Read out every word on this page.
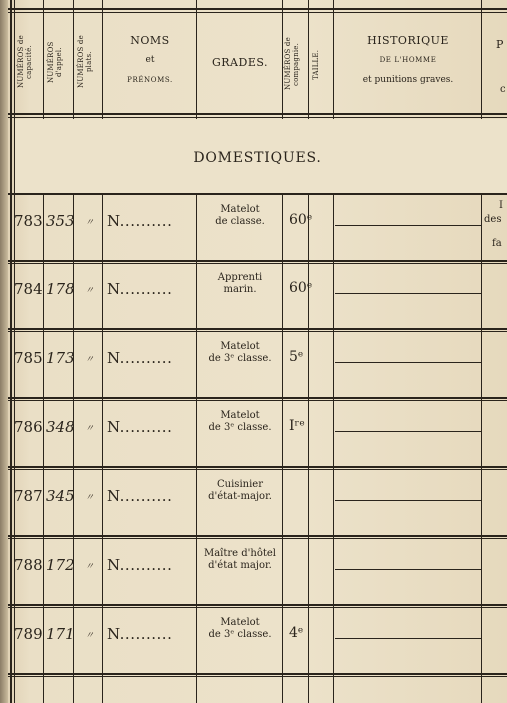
NUMÉROS de capacité.	NUMÉROS d'appel.	NUMÉROS de plats.
NOMS
et
PRÉNOMS.
GRADES.	NUMÉROS de compagnie.	TAILLE.
HISTORIQUE
DE L'HOMME
et punitions graves.
P
c
DOMESTIQUES.
783 353 〃 N..........
Matelot
de classe.	60ᵉ
I
des
fa
784 178 〃 N..........
Apprenti
marin.	60ᵉ
785 173 〃 N..........
Matelot
de 3ᵉ classe.	5ᵉ
786 348 〃 N..........
Matelot
de 3ᵉ classe.	Iʳᵉ
787 345 〃 N..........
Cuisinier
d'état-major.
788 172 〃 N..........
Maître d'hôtel
d'état major.
789 171 〃 N..........
Matelot
de 3ᵉ classe.	4ᵉ
